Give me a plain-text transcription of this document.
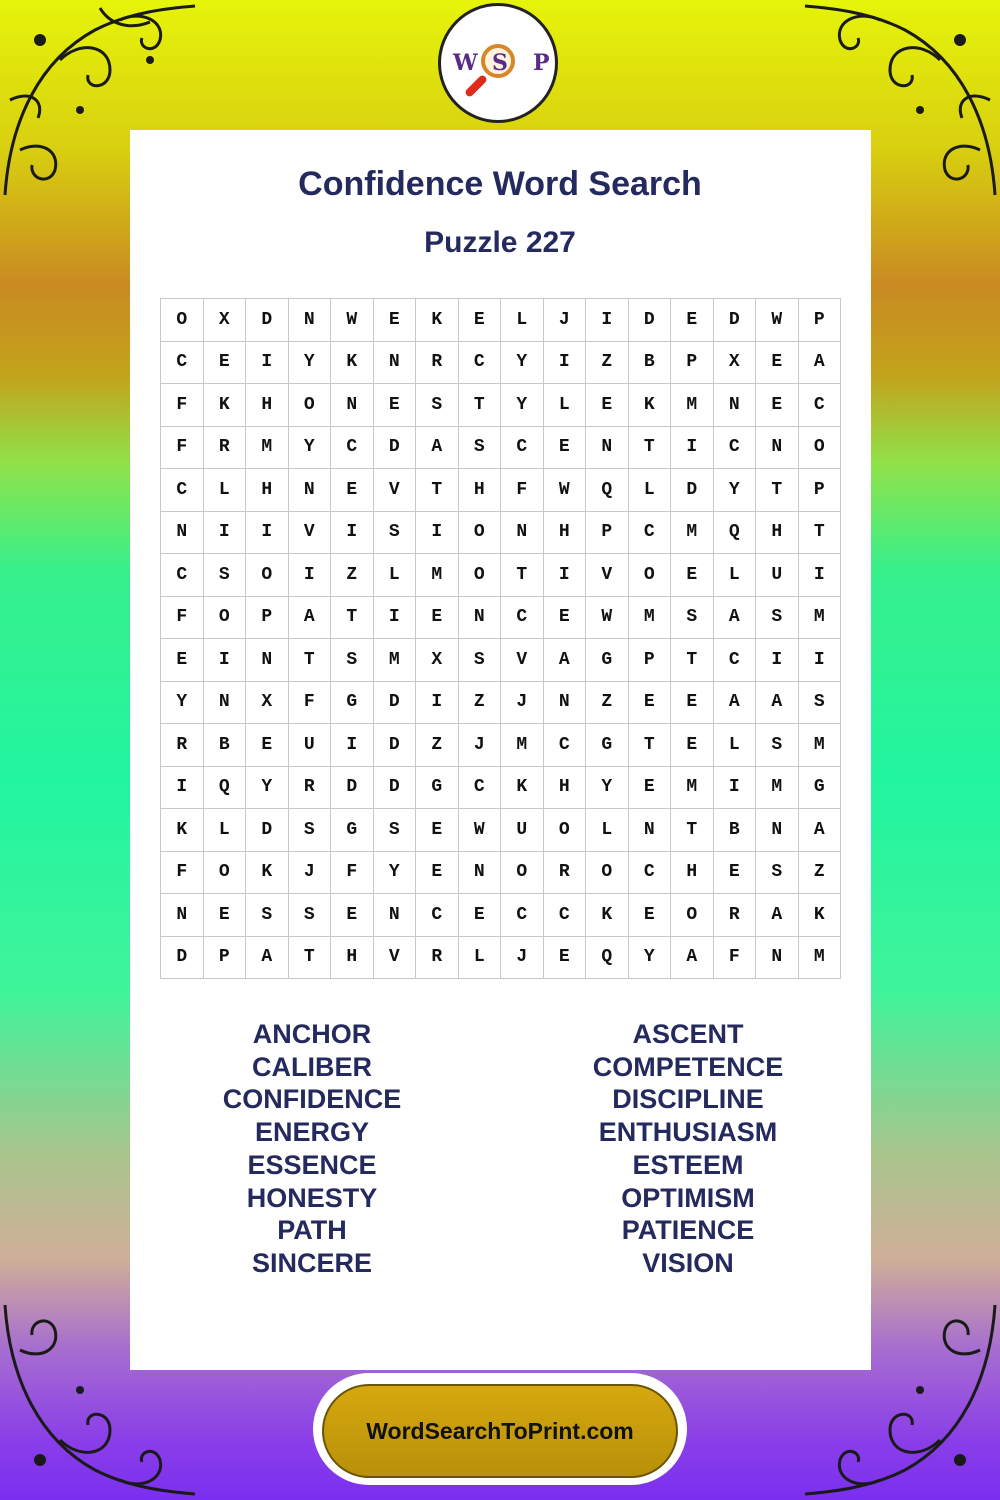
W S P
Confidence Word Search
Puzzle 227
O	X	D	N	W	E	K	E	L	J	I	D	E	D	W	P
C	E	I	Y	K	N	R	C	Y	I	Z	B	P	X	E	A
F	K	H	O	N	E	S	T	Y	L	E	K	M	N	E	C
F	R	M	Y	C	D	A	S	C	E	N	T	I	C	N	O
C	L	H	N	E	V	T	H	F	W	Q	L	D	Y	T	P
N	I	I	V	I	S	I	O	N	H	P	C	M	Q	H	T
C	S	O	I	Z	L	M	O	T	I	V	O	E	L	U	I
F	O	P	A	T	I	E	N	C	E	W	M	S	A	S	M
E	I	N	T	S	M	X	S	V	A	G	P	T	C	I	I
Y	N	X	F	G	D	I	Z	J	N	Z	E	E	A	A	S
R	B	E	U	I	D	Z	J	M	C	G	T	E	L	S	M
I	Q	Y	R	D	D	G	C	K	H	Y	E	M	I	M	G
K	L	D	S	G	S	E	W	U	O	L	N	T	B	N	A
F	O	K	J	F	Y	E	N	O	R	O	C	H	E	S	Z
N	E	S	S	E	N	C	E	C	C	K	E	O	R	A	K
D	P	A	T	H	V	R	L	J	E	Q	Y	A	F	N	M
ANCHOR
CALIBER
CONFIDENCE
ENERGY
ESSENCE
HONESTY
PATH
SINCERE
ASCENT
COMPETENCE
DISCIPLINE
ENTHUSIASM
ESTEEM
OPTIMISM
PATIENCE
VISION
WordSearchToPrint.com
